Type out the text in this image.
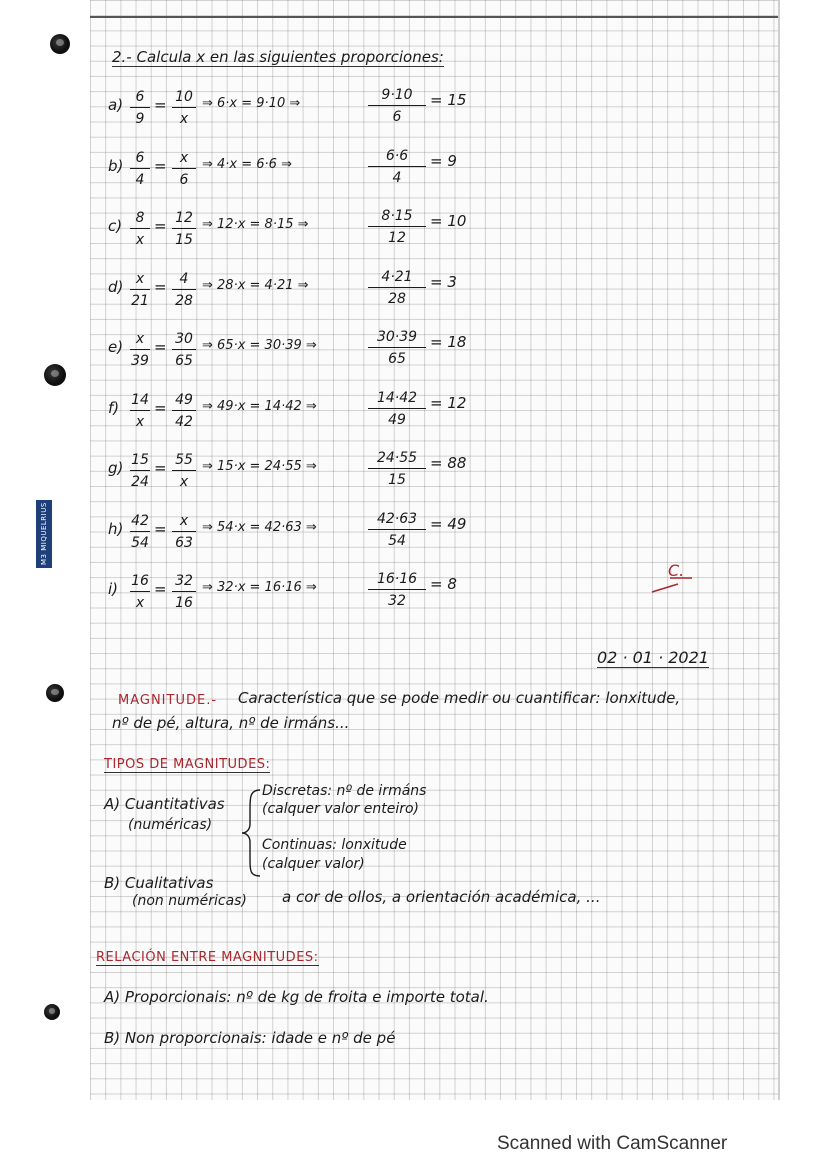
M3 MIQUELRIUS
2.- Calcula x en las siguientes proporciones:
$a) \frac{6}{9} = \frac{10}{x}$ ⇒ 6·x = 9·10 ⇒	$\frac{9\cdot 10}{6} = 15$
$b) \frac{6}{4} = \frac{x}{6}$ ⇒ 4·x = 6·6 ⇒	$\frac{6\cdot 6}{4} = 9$
$c) \frac{8}{x} = \frac{12}{15}$ ⇒ 12·x = 8·15 ⇒	$\frac{8\cdot 15}{12} = 10$
$d) \frac{x}{21} = \frac{4}{28}$ ⇒ 28·x = 4·21 ⇒	$\frac{4\cdot 21}{28} = 3$
$e) \frac{x}{39} = \frac{30}{65}$ ⇒ 65·x = 30·39 ⇒	$\frac{30\cdot 39}{65} = 18$
$f) \frac{14}{x} = \frac{49}{42}$ ⇒ 49·x = 14·42 ⇒	$\frac{14\cdot 42}{49} = 12$
$g) \frac{15}{24} = \frac{55}{x}$ ⇒ 15·x = 24·55 ⇒	$\frac{24\cdot 55}{15} = 88$
$h) \frac{42}{54} = \frac{x}{63}$ ⇒ 54·x = 42·63 ⇒	$\frac{42\cdot 63}{54} = 49$
$i) \frac{16}{x} = \frac{32}{16}$ ⇒ 32·x = 16·16 ⇒	$\frac{16\cdot 16}{32} = 8$
C.
02 · 01 · 2021
MAGNITUDE.- Característica que se pode medir ou cuantificar: lonxitude,
nº de pé, altura, nº de irmáns...
TIPOS DE MAGNITUDES:
A) Cuantitativas
(numéricas)
Discretas: nº de irmáns
(calquer valor enteiro)
Continuas: lonxitude
(calquer valor)
B) Cualitativas
(non numéricas) a cor de ollos, a orientación académica, ...
RELACIÓN ENTRE MAGNITUDES:
A) Proporcionais: nº de kg de froita e importe total.
B) Non proporcionais: idade e nº de pé
Scanned with CamScanner
